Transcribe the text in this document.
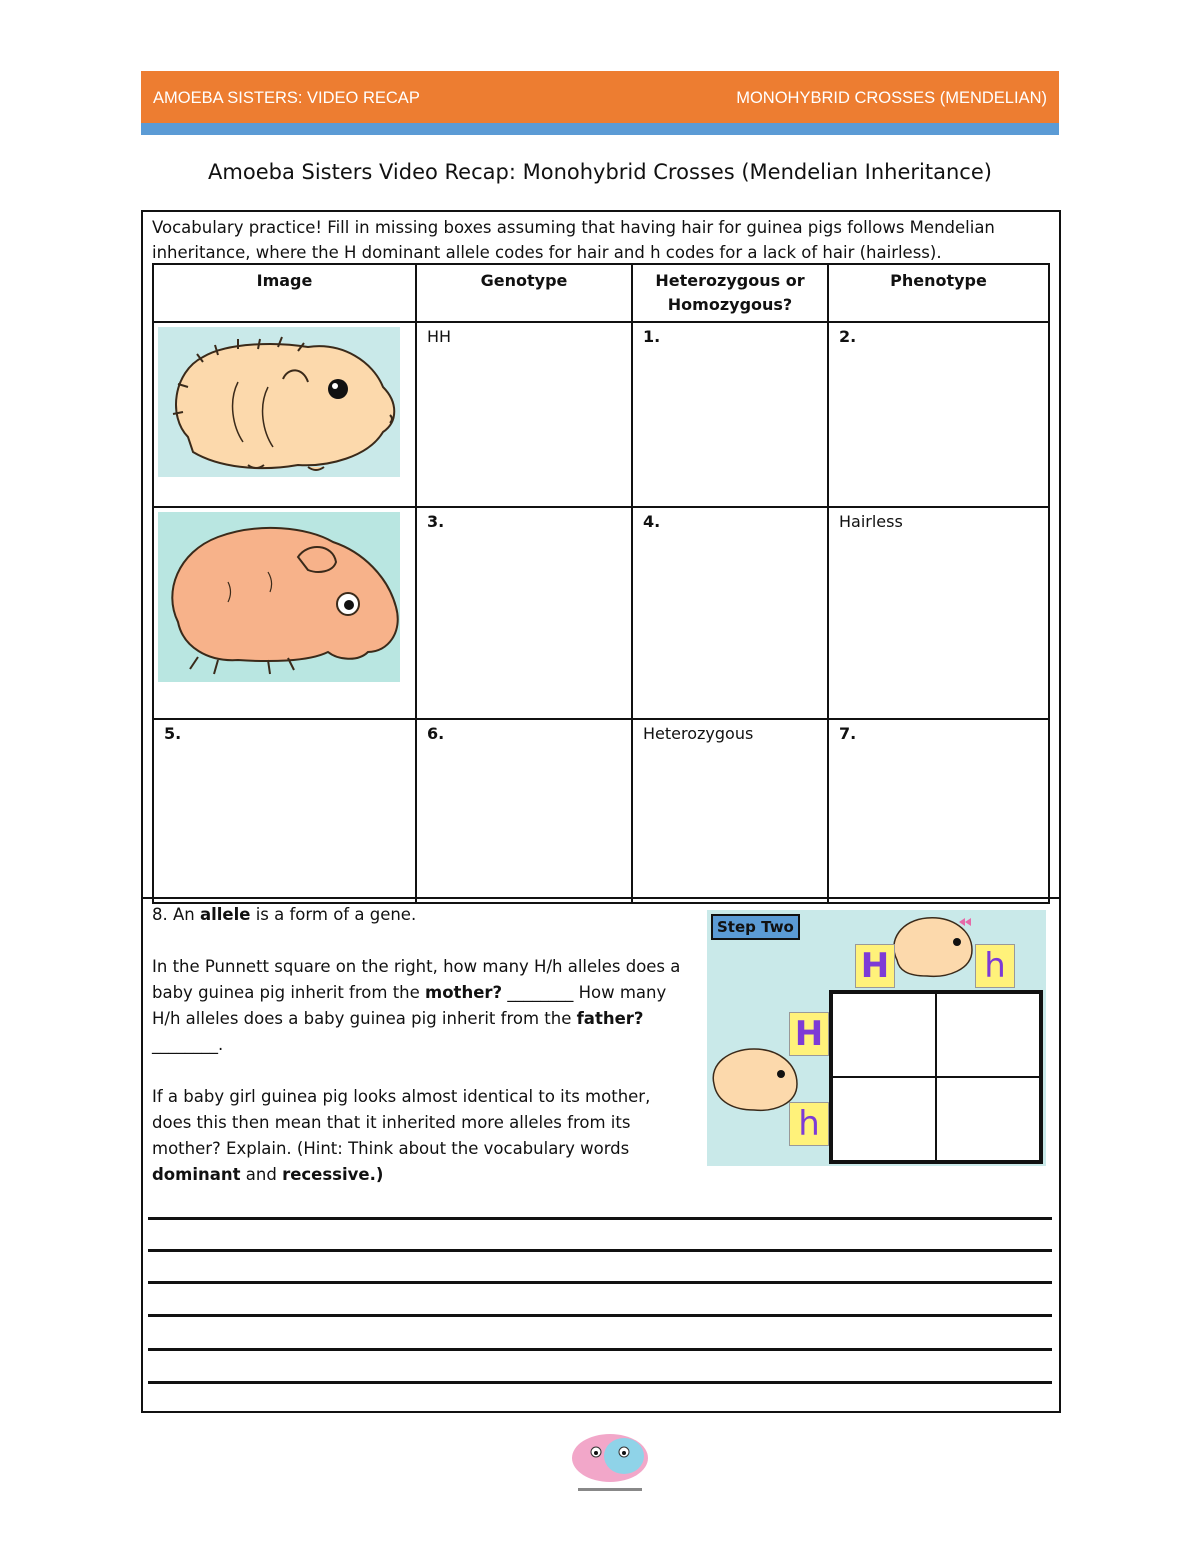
AMOEBA SISTERS: VIDEO RECAP	MONOHYBRID CROSSES (MENDELIAN)
Amoeba Sisters Video Recap: Monohybrid Crosses (Mendelian Inheritance)
Vocabulary practice! Fill in missing boxes assuming that having hair for guinea pigs follows Mendelian inheritance, where the H dominant allele codes for hair and h codes for a lack of hair (hairless).
Image	Genotype	Heterozygous or Homozygous?	Phenotype
	HH	1.	2.
	3.	4.	Hairless
5.	6.	Heterozygous	7.

8. An allele is a form of a gene.

In the Punnett square on the right, how many H/h alleles does a baby guinea pig inherit from the mother? ________ How many H/h alleles does a baby guinea pig inherit from the father? ________.

If a baby girl guinea pig looks almost identical to its mother, does this then mean that it inherited more alleles from its mother? Explain. (Hint: Think about the vocabulary words dominant and recessive.)

Step Two
H	h
H
h
